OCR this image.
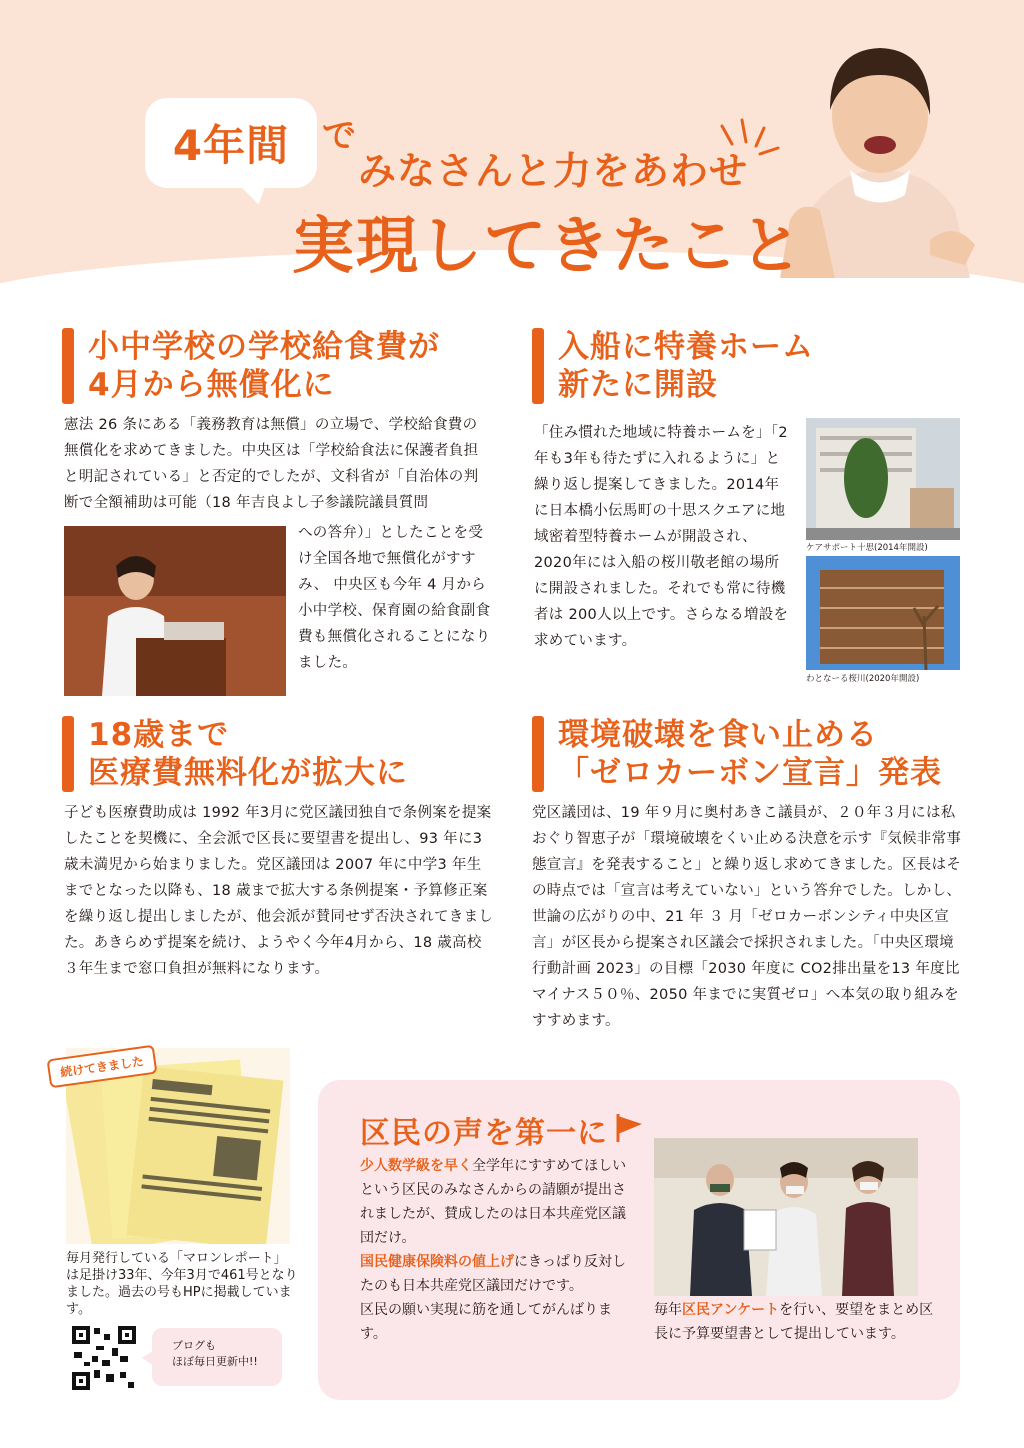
4年間 で
みなさんと力をあわせ
実現してきたこと
小中学校の学校給食費が
4月から無償化に
憲法 26 条にある「義務教育は無償」の立場で、学校給食費の無償化を求めてきました。中央区は「学校給食法に保護者負担と明記されている」と否定的でしたが、文科省が「自治体の判断で全額補助は可能（18 年吉良よし子参議院議員質問
への答弁）」としたことを受け全国各地で無償化がすすみ、 中央区も今年 4 月から小中学校、保育園の給食副食費も無償化されることになりました。
入船に特養ホーム
新たに開設
「住み慣れた地域に特養ホームを」「2年も3年も待たずに入れるように」と繰り返し提案してきました。2014年に日本橋小伝馬町の十思スクエアに地域密着型特養ホームが開設され、2020年には入船の桜川敬老館の場所に開設されました。それでも常に待機者は 200人以上です。さらなる増設を求めています。
ケアサポート十思(2014年開設)
わとなーる桜川(2020年開設)
18歳まで
医療費無料化が拡大に
子ども医療費助成は 1992 年3月に党区議団独自で条例案を提案したことを契機に、全会派で区長に要望書を提出し、93 年に3歳未満児から始まりました。党区議団は 2007 年に中学3 年生までとなった以降も、18 歳まで拡大する条例提案・予算修正案を繰り返し提出しましたが、他会派が賛同せず否決されてきました。あきらめず提案を続け、ようやく今年4月から、18 歳高校３年生まで窓口負担が無料になります。
環境破壊を食い止める
「ゼロカーボン宣言」発表
党区議団は、19 年９月に奥村あきこ議員が、２０年３月には私おぐり智恵子が「環境破壊をくい止める決意を示す『気候非常事態宣言』を発表すること」と繰り返し求めてきました。区長はその時点では「宣言は考えていない」という答弁でした。しかし、世論の広がりの中、21 年 ３ 月「ゼロカーボンシティ中央区宣言」が区長から提案され区議会で採択されました。「中央区環境行動計画 2023」の目標「2030 年度に CO2排出量を13 年度比マイナス５０％、2050 年までに実質ゼロ」へ本気の取り組みをすすめます。
続けてきました
毎月発行している「マロンレポート」は足掛け33年、今年3月で461号となりました。過去の号もHPに掲載しています。
ブログも
ほぼ毎日更新中!!
区民の声を第一に
少人数学級を早く全学年にすすめてほしいという区民のみなさんからの請願が提出されましたが、賛成したのは日本共産党区議団だけ。
国民健康保険料の値上げにきっぱり反対したのも日本共産党区議団だけです。
区民の願い実現に筋を通してがんばります。
毎年区民アンケートを行い、要望をまとめ区長に予算要望書として提出しています。
